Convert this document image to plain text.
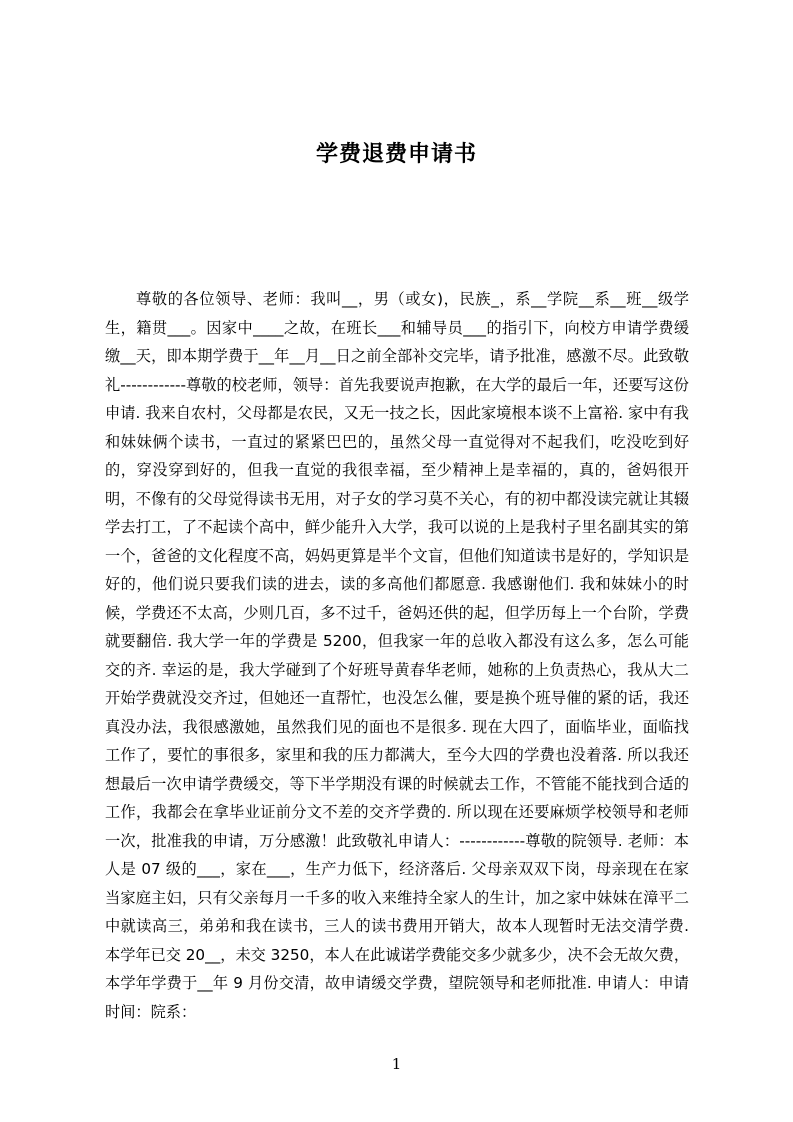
学费退费申请书

尊敬的各位领导、老师：我叫__，男（或女)，民族_，系__学院__系__班__级学生，籍贯___。因家中____之故，在班长___和辅导员___的指引下，向校方申请学费缓缴__天，即本期学费于__年__月__日之前全部补交完毕，请予批准，感激不尽。此致敬礼------------尊敬的校老师，领导：首先我要说声抱歉，在大学的最后一年，还要写这份申请. 我来自农村，父母都是农民，又无一技之长，因此家境根本谈不上富裕. 家中有我和妹妹俩个读书，一直过的紧紧巴巴的，虽然父母一直觉得对不起我们，吃没吃到好的，穿没穿到好的，但我一直觉的我很幸福，至少精神上是幸福的，真的，爸妈很开明，不像有的父母觉得读书无用，对子女的学习莫不关心，有的初中都没读完就让其辍学去打工，了不起读个高中，鲜少能升入大学，我可以说的上是我村子里名副其实的第一个，爸爸的文化程度不高，妈妈更算是半个文盲，但他们知道读书是好的，学知识是好的，他们说只要我们读的进去，读的多高他们都愿意. 我感谢他们. 我和妹妹小的时候，学费还不太高，少则几百，多不过千，爸妈还供的起，但学历每上一个台阶，学费就要翻倍. 我大学一年的学费是 5200，但我家一年的总收入都没有这么多，怎么可能交的齐. 幸运的是，我大学碰到了个好班导黄春华老师，她称的上负责热心，我从大二开始学费就没交齐过，但她还一直帮忙，也没怎么催，要是换个班导催的紧的话，我还真没办法，我很感激她，虽然我们见的面也不是很多. 现在大四了，面临毕业，面临找工作了，要忙的事很多，家里和我的压力都满大，至今大四的学费也没着落. 所以我还想最后一次申请学费缓交，等下半学期没有课的时候就去工作，不管能不能找到合适的工作，我都会在拿毕业证前分文不差的交齐学费的. 所以现在还要麻烦学校领导和老师一次，批准我的申请，万分感激！此致敬礼申请人：------------尊敬的院领导. 老师：本人是 07 级的___，家在___，生产力低下，经济落后. 父母亲双双下岗，母亲现在在家当家庭主妇，只有父亲每月一千多的收入来维持全家人的生计，加之家中妹妹在漳平二中就读高三，弟弟和我在读书，三人的读书费用开销大，故本人现暂时无法交清学费. 本学年已交 20__，未交 3250，本人在此诚诺学费能交多少就多少，决不会无故欠费，本学年学费于__年 9 月份交清，故申请缓交学费，望院领导和老师批准. 申请人：申请时间：院系：

1
